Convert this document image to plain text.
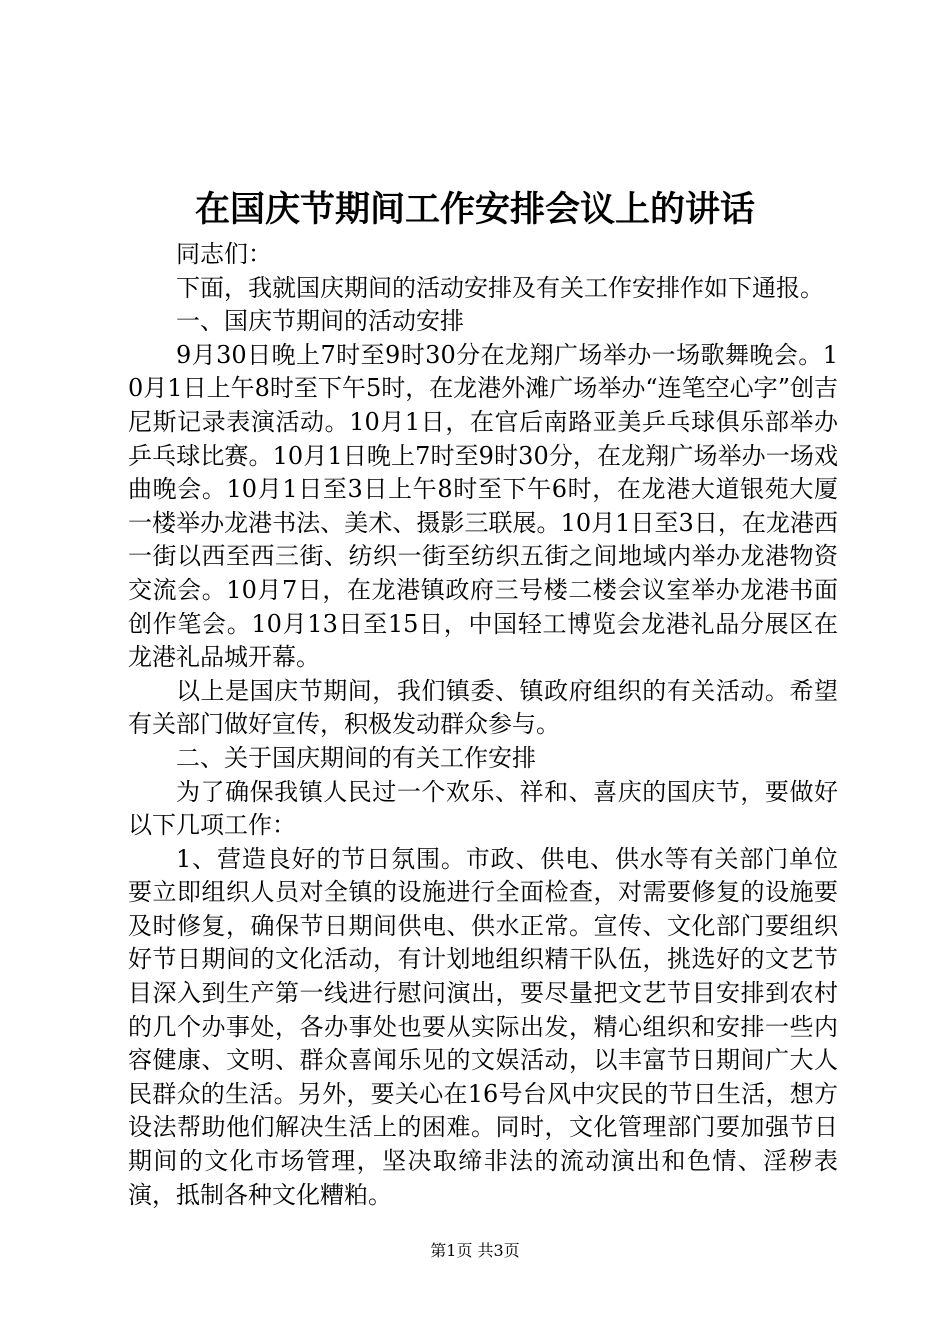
在国庆节期间工作安排会议上的讲话

同志们：

下面，我就国庆期间的活动安排及有关工作安排作如下通报。

一、国庆节期间的活动安排

9月30日晚上7时至9时30分在龙翔广场举办一场歌舞晚会。10月1日上午8时至下午5时，在龙港外滩广场举办“连笔空心字”创吉尼斯记录表演活动。10月1日，在官后南路亚美乒乓球俱乐部举办乒乓球比赛。10月1日晚上7时至9时30分，在龙翔广场举办一场戏曲晚会。10月1日至3日上午8时至下午6时，在龙港大道银苑大厦一楼举办龙港书法、美术、摄影三联展。10月1日至3日，在龙港西一街以西至西三街、纺织一街至纺织五街之间地域内举办龙港物资交流会。10月7日，在龙港镇政府三号楼二楼会议室举办龙港书面创作笔会。10月13日至15日，中国轻工博览会龙港礼品分展区在龙港礼品城开幕。

以上是国庆节期间，我们镇委、镇政府组织的有关活动。希望有关部门做好宣传，积极发动群众参与。

二、关于国庆期间的有关工作安排

为了确保我镇人民过一个欢乐、祥和、喜庆的国庆节，要做好以下几项工作：

1、营造良好的节日氛围。市政、供电、供水等有关部门单位要立即组织人员对全镇的设施进行全面检查，对需要修复的设施要及时修复，确保节日期间供电、供水正常。宣传、文化部门要组织好节日期间的文化活动，有计划地组织精干队伍，挑选好的文艺节目深入到生产第一线进行慰问演出，要尽量把文艺节目安排到农村的几个办事处，各办事处也要从实际出发，精心组织和安排一些内容健康、文明、群众喜闻乐见的文娱活动，以丰富节日期间广大人民群众的生活。另外，要关心在16号台风中灾民的节日生活，想方设法帮助他们解决生活上的困难。同时，文化管理部门要加强节日期间的文化市场管理，坚决取缔非法的流动演出和色情、淫秽表演，抵制各种文化糟粕。

第1页 共3页
